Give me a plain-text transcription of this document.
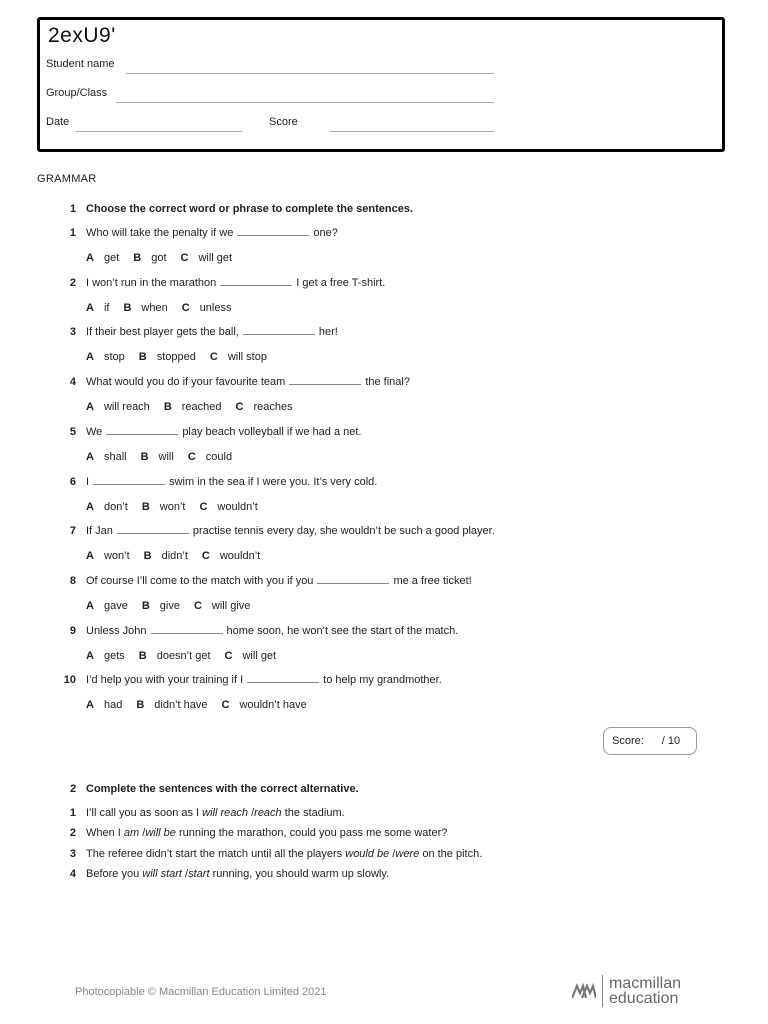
2exU9'
Student name
Group/Class
Date	Score
GRAMMAR
1 Choose the correct word or phrase to complete the sentences.
1 Who will take the penalty if we	one?
A get B got C will get
2 I won’t run in the marathon	I get a free T-shirt.
A if B when C unless
3 If their best player gets the ball,	her!
A stop B stopped C will stop
4 What would you do if your favourite team	the final?
A will reach B reached C reaches
5 We	play beach volleyball if we had a net.
A shall B will C could
6 I	swim in the sea if I were you. It’s very cold.
A don’t B won’t C wouldn’t
7 If Jan	practise tennis every day, she wouldn’t be such a good player.
A won’t B didn’t C wouldn’t
8 Of course I’ll come to the match with you if you	me a free ticket!
A gave B give C will give
9 Unless John	home soon, he won’t see the start of the match.
A gets B doesn’t get C will get
10 I’d help you with your training if I	to help my grandmother.
A had B didn’t have C wouldn’t have
Score: / 10
2 Complete the sentences with the correct alternative.
1 I’ll call you as soon as I will reach /reach the stadium.
2 When I am /will be running the marathon, could you pass me some water?
3 The referee didn’t start the match until all the players would be /were on the pitch.
4 Before you will start /start running, you should warm up slowly.
Photocopiable © Macmillan Education Limited 2021	macmillan
education
